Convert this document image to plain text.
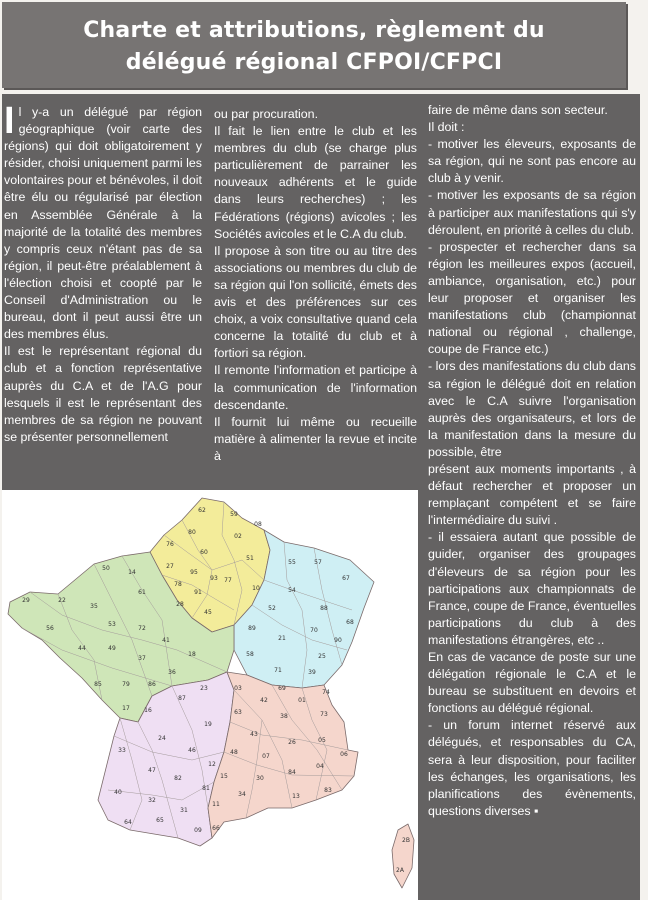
Charte et attributions, règlement du
délégué régional CFPOI/CFPCI

Il y-a un délégué par région géographique (voir carte des régions) qui doit obligatoirement y résider, choisi uniquement parmi les volontaires pour et bénévoles, il doit être élu ou régularisé par élection en Assemblée Générale à la majorité de la totalité des membres y compris ceux n'étant pas de sa région, il peut-être préalablement à l'élection choisi et coopté par le Conseil d'Administration ou le bureau, dont il peut aussi être un des membres élus.

Il est le représentant régional du club et a fonction représentative auprès du C.A et de l'A.G pour lesquels il est le représentant des membres de sa région ne pouvant se présenter personnellement

ou par procuration.

Il fait le lien entre le club et les membres du club (se charge plus particulièrement de parrainer les nouveaux adhérents et le guide dans leurs recherches) ; les Fédérations (régions) avicoles ; les Sociétés avicoles et le C.A du club.

Il propose à son titre ou au titre des associations ou membres du club de sa région qui l'on sollicité, émets des avis et des préférences sur ces choix, a voix consultative quand cela concerne la totalité du club et à fortiori sa région.

Il remonte l'information et participe à la communication de l'information descendante.

Il fournit lui même ou recueille matière à alimenter la revue et incite à

faire de même dans son secteur.

Il doit :

- motiver les éleveurs, exposants de sa région, qui ne sont pas encore au club à y venir.

- motiver les exposants de sa région à participer aux manifestations qui s'y déroulent, en priorité à celles du club.

- prospecter et rechercher dans sa région les meilleures expos (accueil, ambiance, organisation, etc.) pour leur proposer et organiser les manifestations club (championnat national ou régional , challenge, coupe de France etc.)

- lors des manifestations du club dans sa région le délégué doit en relation avec le C.A suivre l'organisation auprès des organisateurs, et lors de la manifestation dans la mesure du possible, être

présent aux moments importants , à défaut rechercher et proposer un remplaçant compétent et se faire l'intermédiaire du suivi .

- il essaiera autant que possible de guider, organiser des groupages d'éleveurs de sa région pour les participations aux championnats de France, coupe de France, éventuelles participations du club à des manifestations étrangères, etc ..

En cas de vacance de poste sur une délégation régionale le C.A et le bureau se substituent en devoirs et fonctions au délégué régional.

- un forum internet réservé aux délégués, et responsables du CA, sera à leur disposition, pour faciliter les échanges, les organisations, les planifications des évènements, questions diverses ▪

62
59
80
76
60
02
08
27
95
93
78
91
77
28
45
51
55	57
67
54
88
68
52
10
89
21
70
90
25
39
71
58
50
14
61
29	22
35
53
72
56
44	49
37
41
18
36
85	79	86
17 16
87
23
24
33
47
46
40
32
82
64	65
31
09
81
12
19
03
63
42
69
01
74
73
38
43
07
26	05
48
30
84
04
06
13
83
34
11
66
15
2B
2A
